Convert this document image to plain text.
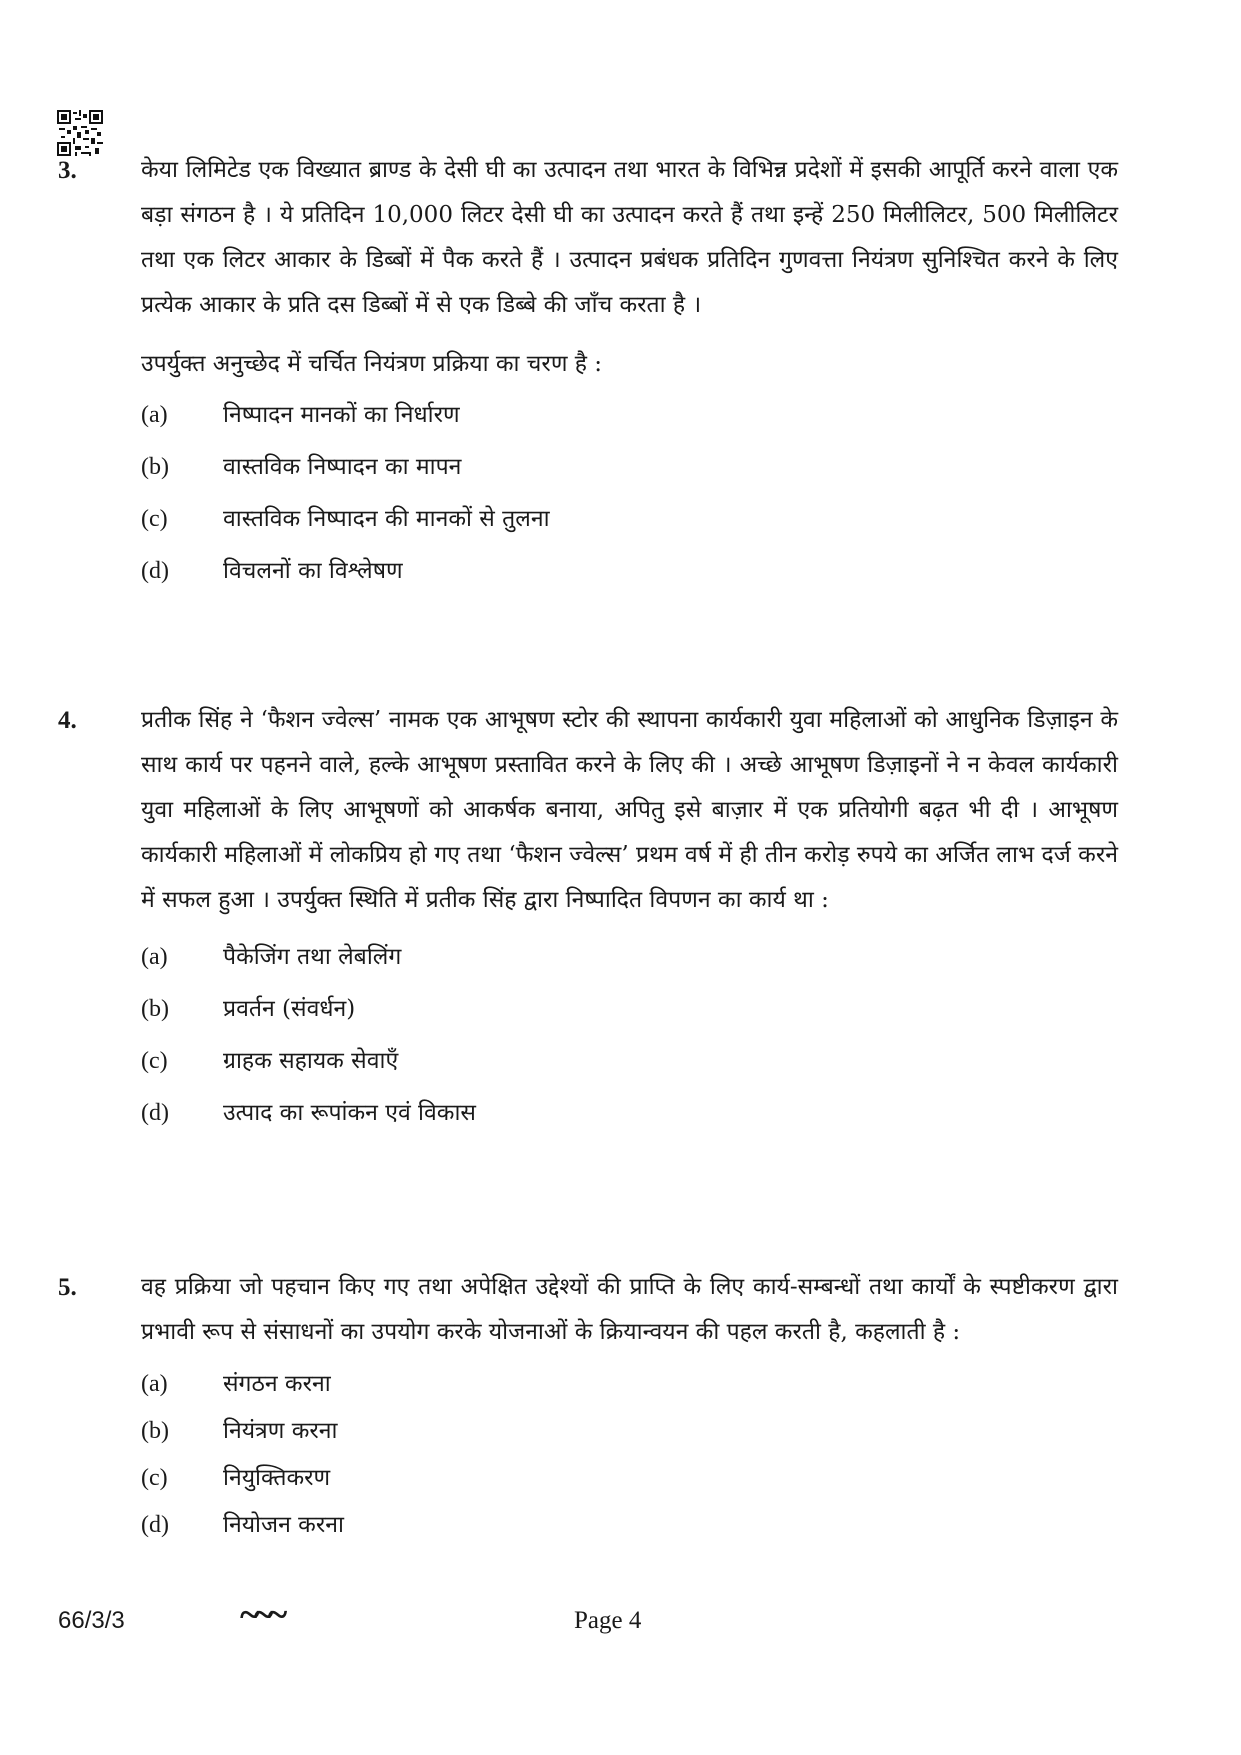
3.	केया लिमिटेड एक विख्यात ब्राण्ड के देसी घी का उत्पादन तथा भारत के विभिन्न प्रदेशों में इसकी आपूर्ति करने वाला एक बड़ा संगठन है । ये प्रतिदिन 10,000 लिटर देसी घी का उत्पादन करते हैं तथा इन्हें 250 मिलीलिटर, 500 मिलीलिटर तथा एक लिटर आकार के डिब्बों में पैक करते हैं । उत्पादन प्रबंधक प्रतिदिन गुणवत्ता नियंत्रण सुनिश्चित करने के लिए प्रत्येक आकार के प्रति दस डिब्बों में से एक डिब्बे की जाँच करता है ।
उपर्युक्त अनुच्छेद में चर्चित नियंत्रण प्रक्रिया का चरण है :
(a) निष्पादन मानकों का निर्धारण
(b) वास्तविक निष्पादन का मापन
(c) वास्तविक निष्पादन की मानकों से तुलना
(d) विचलनों का विश्लेषण
4.	प्रतीक सिंह ने ‘फैशन ज्वेल्स’ नामक एक आभूषण स्टोर की स्थापना कार्यकारी युवा महिलाओं को आधुनिक डिज़ाइन के साथ कार्य पर पहनने वाले, हल्के आभूषण प्रस्तावित करने के लिए की । अच्छे आभूषण डिज़ाइनों ने न केवल कार्यकारी युवा महिलाओं के लिए आभूषणों को आकर्षक बनाया, अपितु इसे बाज़ार में एक प्रतियोगी बढ़त भी दी । आभूषण कार्यकारी महिलाओं में लोकप्रिय हो गए तथा ‘फैशन ज्वेल्स’ प्रथम वर्ष में ही तीन करोड़ रुपये का अर्जित लाभ दर्ज करने में सफल हुआ । उपर्युक्त स्थिति में प्रतीक सिंह द्वारा निष्पादित विपणन का कार्य था :
(a) पैकेजिंग तथा लेबलिंग
(b) प्रवर्तन (संवर्धन)
(c) ग्राहक सहायक सेवाएँ
(d) उत्पाद का रूपांकन एवं विकास
5.	वह प्रक्रिया जो पहचान किए गए तथा अपेक्षित उद्देश्यों की प्राप्ति के लिए कार्य-सम्बन्धों तथा कार्यों के स्पष्टीकरण द्वारा प्रभावी रूप से संसाधनों का उपयोग करके योजनाओं के क्रियान्वयन की पहल करती है, कहलाती है :
(a) संगठन करना
(b) नियंत्रण करना
(c) नियुक्तिकरण
(d) नियोजन करना
66/3/3	~~~	Page 4
